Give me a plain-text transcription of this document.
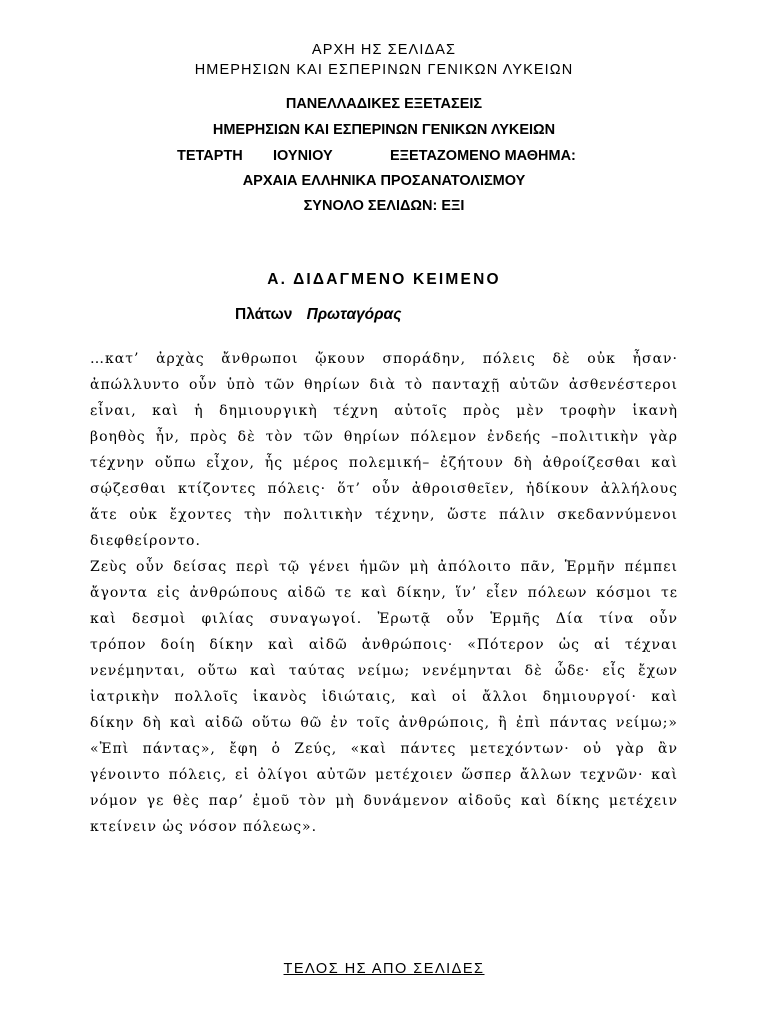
ΑΡΧΗ ΗΣ ΣΕΛΙΔΑΣ
ΗΜΕΡΗΣΙΩΝ ΚΑΙ ΕΣΠΕΡΙΝΩΝ ΓΕΝΙΚΩΝ ΛΥΚΕΙΩΝ
ΠΑΝΕΛΛΑΔΙΚΕΣ ΕΞΕΤΑΣΕΙΣ
ΗΜΕΡΗΣΙΩΝ ΚΑΙ ΕΣΠΕΡΙΝΩΝ ΓΕΝΙΚΩΝ ΛΥΚΕΙΩΝ
ΤΕΤΑΡΤΗ ΙΟΥΝΙΟΥ	ΕΞΕΤΑΖΟΜΕΝΟ ΜΑΘΗΜΑ:
ΑΡΧΑΙΑ ΕΛΛΗΝΙΚΑ ΠΡΟΣΑΝΑΤΟΛΙΣΜΟΥ
ΣΥΝΟΛΟ ΣΕΛΙΔΩΝ: ΕΞΙ
Α. ΔΙΔΑΓΜΕΝΟ ΚΕΙΜΕΝΟ
Πλάτων Πρωταγόρας
…κατ’ ἀρχὰς ἄνθρωποι ᾤκουν σποράδην, πόλεις δὲ οὐκ ἦσαν·
ἀπώλλυντο οὖν ὑπὸ τῶν θηρίων διὰ τὸ πανταχῇ αὐτῶν ἀσθενέστεροι
εἶναι, καὶ ἡ δημιουργικὴ τέχνη αὐτοῖς πρὸς μὲν τροφὴν ἱκανὴ
βοηθὸς ἦν, πρὸς δὲ τὸν τῶν θηρίων πόλεμον ἐνδεής –πολιτικὴν γὰρ
τέχνην οὔπω εἶχον, ἧς μέρος πολεμική– ἐζήτουν δὴ ἀθροίζεσθαι καὶ
σῴζεσθαι κτίζοντες πόλεις· ὅτ’ οὖν ἀθροισθεῖεν, ἠδίκουν ἀλλήλους
ἅτε οὐκ ἔχοντες τὴν πολιτικὴν τέχνην, ὥστε πάλιν σκεδαννύμενοι
διεφθείροντο.
Ζεὺς οὖν δείσας περὶ τῷ γένει ἡμῶν μὴ ἀπόλοιτο πᾶν, Ἑρμῆν πέμπει
ἄγοντα εἰς ἀνθρώπους αἰδῶ τε καὶ δίκην, ἵν’ εἶεν πόλεων κόσμοι τε
καὶ δεσμοὶ φιλίας συναγωγοί. Ἐρωτᾷ οὖν Ἑρμῆς Δία τίνα οὖν
τρόπον δοίη δίκην καὶ αἰδῶ ἀνθρώποις· «Πότερον ὡς αἱ τέχναι
νενέμηνται, οὕτω καὶ ταύτας νείμω; νενέμηνται δὲ ὧδε· εἷς ἔχων
ἰατρικὴν πολλοῖς ἱκανὸς ἰδιώταις, καὶ οἱ ἄλλοι δημιουργοί· καὶ
δίκην δὴ καὶ αἰδῶ οὕτω θῶ ἐν τοῖς ἀνθρώποις, ἢ ἐπὶ πάντας νείμω;»
«Ἐπὶ πάντας», ἔφη ὁ Ζεύς, «καὶ πάντες μετεχόντων· οὐ γὰρ ἂν
γένοιντο πόλεις, εἰ ὀλίγοι αὐτῶν μετέχοιεν ὥσπερ ἄλλων τεχνῶν· καὶ
νόμον γε θὲς παρ’ ἐμοῦ τὸν μὴ δυνάμενον αἰδοῦς καὶ δίκης μετέχειν
κτείνειν ὡς νόσον πόλεως».
ΤΕΛΟΣ ΗΣ ΑΠΟ ΣΕΛΙΔΕΣ
